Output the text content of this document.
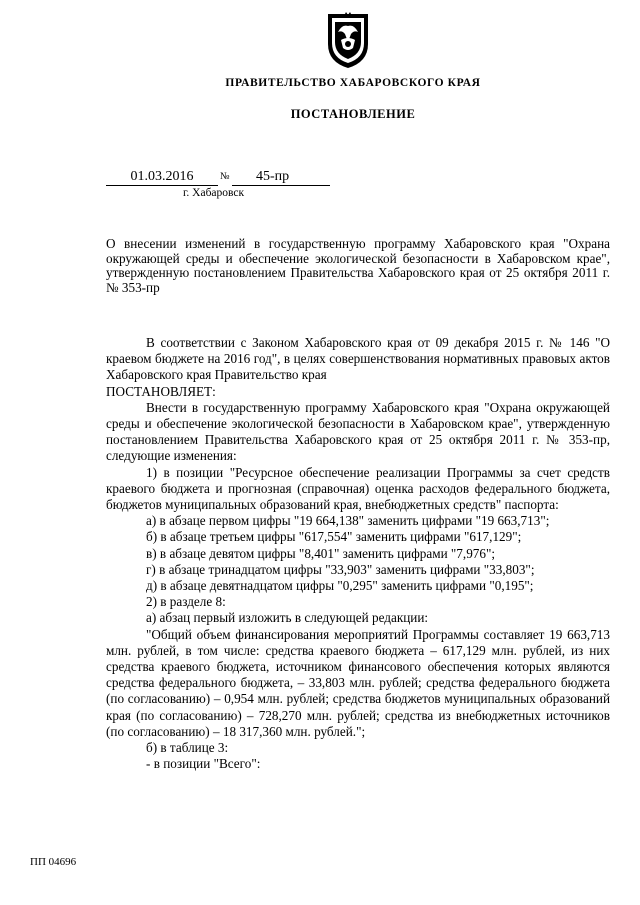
ПРАВИТЕЛЬСТВО ХАБАРОВСКОГО КРАЯ
ПОСТАНОВЛЕНИЕ
01.03.2016	№	45-пр
г. Хабаровск
О внесении изменений в государственную программу Хабаровского края "Охрана окружающей среды и обеспечение экологической безопасности в Хабаровском крае", утвержденную постановлением Правительства Хабаровского края от 25 октября 2011 г. № 353-пр

В соответствии с Законом Хабаровского края от 09 декабря 2015 г. № 146 "О краевом бюджете на 2016 год", в целях совершенствования нормативных правовых актов Хабаровского края Правительство края

ПОСТАНОВЛЯЕТ:

Внести в государственную программу Хабаровского края "Охрана окружающей среды и обеспечение экологической безопасности в Хабаровском крае", утвержденную постановлением Правительства Хабаровского края от 25 октября 2011 г. № 353-пр, следующие изменения:

1) в позиции "Ресурсное обеспечение реализации Программы за счет средств краевого бюджета и прогнозная (справочная) оценка расходов федерального бюджета, бюджетов муниципальных образований края, внебюджетных средств" паспорта:

а) в абзаце первом цифры "19 664,138" заменить цифрами "19 663,713";

б) в абзаце третьем цифры "617,554" заменить цифрами "617,129";

в) в абзаце девятом цифры "8,401" заменить цифрами "7,976";

г) в абзаце тринадцатом цифры "33,903" заменить цифрами "33,803";

д) в абзаце девятнадцатом цифры "0,295" заменить цифрами "0,195";

2) в разделе 8:

а) абзац первый изложить в следующей редакции:

"Общий объем финансирования мероприятий Программы составляет 19 663,713 млн. рублей, в том числе: средства краевого бюджета – 617,129 млн. рублей, из них средства краевого бюджета, источником финансового обеспечения которых являются средства федерального бюджета, – 33,803 млн. рублей; средства федерального бюджета (по согласованию) – 0,954 млн. рублей; средства бюджетов муниципальных образований края (по согласованию) – 728,270 млн. рублей; средства из внебюджетных источников (по согласованию) – 18 317,360 млн. рублей.";

б) в таблице 3:

- в позиции "Всего":

ПП 04696
